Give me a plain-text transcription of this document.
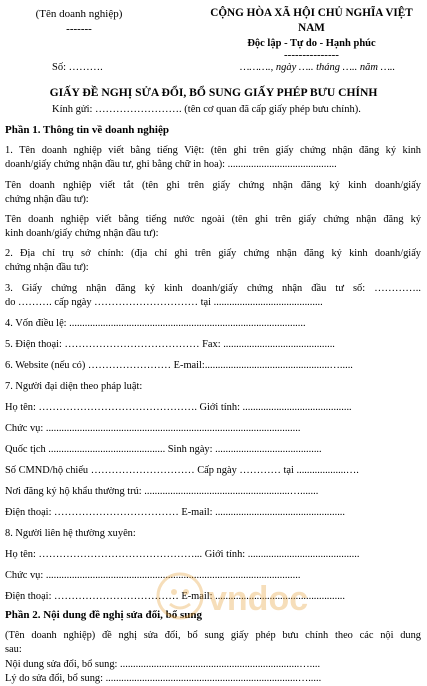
(Tên doanh nghiệp)
-------
CỘNG HÒA XÃ HỘI CHỦ NGHĨA VIỆT NAM
Độc lập - Tự do - Hạnh phúc
---------------
Số: ……….	………., ngày ….. tháng ….. năm …..
GIẤY ĐỀ NGHỊ SỬA ĐỔI, BỔ SUNG GIẤY PHÉP BƯU CHÍNH
Kính gửi: ……………………. (tên cơ quan đã cấp giấy phép bưu chính).
Phần 1. Thông tin về doanh nghiệp
1. Tên doanh nghiệp viết bằng tiếng Việt: (tên ghi trên giấy chứng nhận đăng ký kinh
doanh/giấy chứng nhận đầu tư, ghi bằng chữ in hoa): ..........................................
Tên doanh nghiệp viết tắt (tên ghi trên giấy chứng nhận đăng ký kinh doanh/giấy
chứng nhận đầu tư):
Tên doanh nghiệp viết bằng tiếng nước ngoài (tên ghi trên giấy chứng nhận đăng ký
kinh doanh/giấy chứng nhận đầu tư):
2. Địa chỉ trụ sở chính: (địa chỉ ghi trên giấy chứng nhận đăng ký kinh doanh/giấy
chứng nhận đầu tư):
3. Giấy chứng nhận đăng ký kinh doanh/giấy chứng nhận đầu tư số: …………..
do ………. cấp ngày ………………………… tại ..........................................
4. Vốn điều lệ: ...........................................................................................
5. Điện thoại: ………………………………… Fax: ...........................................
6. Website (nếu có) …………………… E-mail:................................................….....
7. Người đại diện theo pháp luật:
Họ tên: ………………………………………. Giới tính: ..........................................
Chức vụ: ..................................................................................................
Quốc tịch ............................................. Sinh ngày: .........................................
Số CMND/hộ chiếu ………………………… Cấp ngày ………… tại ...................….
Nơi đăng ký hộ khẩu thường trú: ........................................................….......
Điện thoại: ……………………………… E-mail: ..................................................
8. Người liên hệ thường xuyên:
Họ tên: ………………………………………... Giới tính: ...........................................
Chức vụ: ..................................................................................................
Điện thoại: ……………………………… E-mail: ..................................................
Phần 2. Nội dung đề nghị sửa đổi, bổ sung
(Tên doanh nghiệp) đề nghị sửa đổi, bổ sung giấy phép bưu chính theo các nội dung
sau:
Nội dung sửa đổi, bổ sung: .....................................................................…....
Lý do sửa đổi, bổ sung: ..........................................................................….....
vndoc
